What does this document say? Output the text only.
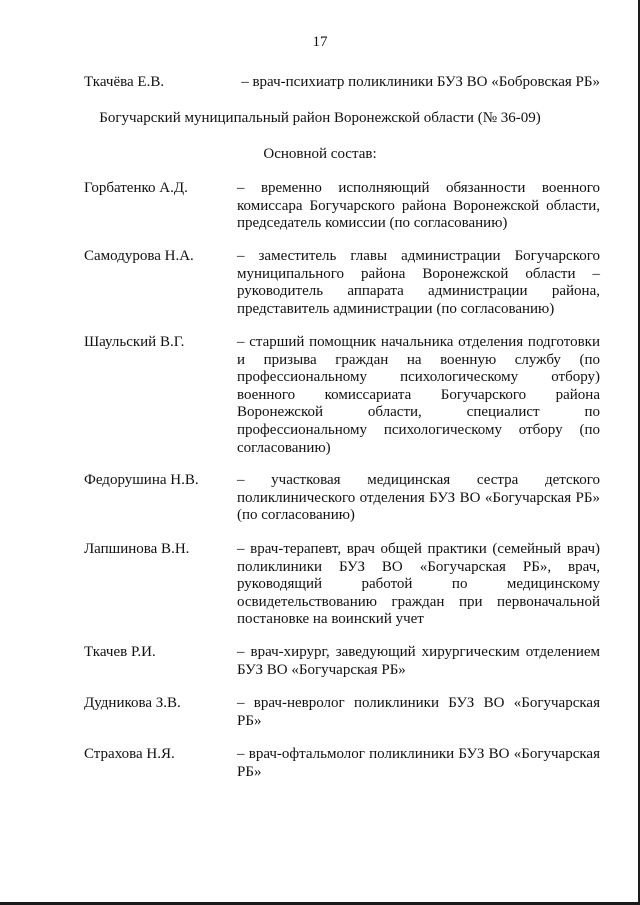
17
Ткачёва Е.В.	– врач-психиатр поликлиники БУЗ ВО «Бобровская РБ»
Богучарский муниципальный район Воронежской области (№ 36-09)
Основной состав:
Горбатенко А.Д.	– временно исполняющий обязанности военного комиссара Богучарского района Воронежской области, председатель комиссии (по согласованию)
Самодурова Н.А.	– заместитель главы администрации Богучарского муниципального района Воронежской области – руководитель аппарата администрации района, представитель администрации (по согласованию)
Шаульский В.Г.	– старший помощник начальника отделения подготовки и призыва граждан на военную службу (по профессиональному психологическому отбору) военного комиссариата Богучарского района Воронежской области, специалист по профессиональному психологическому отбору (по согласованию)
Федорушина Н.В.	– участковая медицинская сестра детского поликлинического отделения БУЗ ВО «Богучарская РБ» (по согласованию)
Лапшинова В.Н.	– врач-терапевт, врач общей практики (семейный врач) поликлиники БУЗ ВО «Богучарская РБ», врач, руководящий работой по медицинскому освидетельствованию граждан при первоначальной постановке на воинский учет
Ткачев Р.И.	– врач-хирург, заведующий хирургическим отделением БУЗ ВО «Богучарская РБ»
Дудникова З.В.	– врач-невролог поликлиники БУЗ ВО «Богучарская РБ»
Страхова Н.Я.	– врач-офтальмолог поликлиники БУЗ ВО «Богучарская РБ»
